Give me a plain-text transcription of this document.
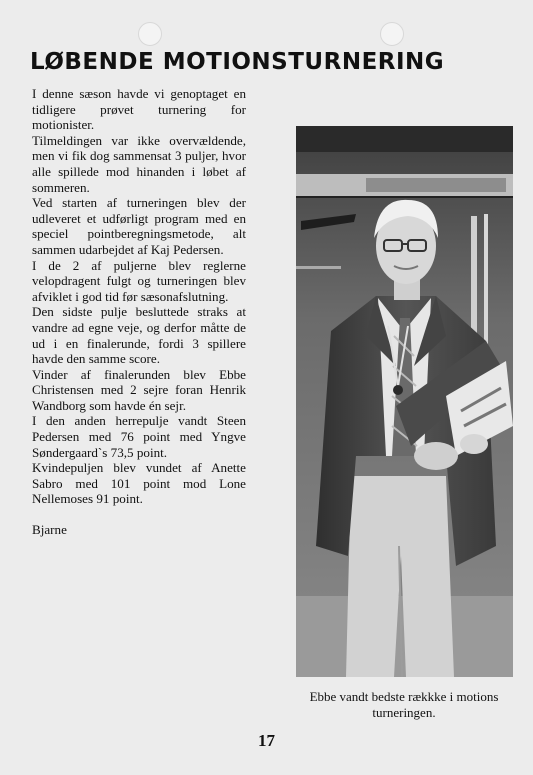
LØBENDE MOTIONSTURNERING

I denne sæson havde vi genoptaget en tidligere prøvet turnering for motionister.

Tilmeldingen var ikke overvældende, men vi fik dog sammensat 3 puljer, hvor alle spillede mod hinanden i løbet af sommeren.

Ved starten af turneringen blev der udleveret et udførligt program med en speciel pointberegningsmetode, alt sammen udarbejdet af Kaj Pedersen.

I de 2 af puljerne blev reglerne velopdragent fulgt og turneringen blev afviklet i god tid før sæsonafslutning.

Den sidste pulje besluttede straks at vandre ad egne veje, og derfor måtte de ud i en finalerunde, fordi 3 spillere havde den samme score.

Vinder af finalerunden blev Ebbe Christensen med 2 sejre foran Henrik Wandborg som havde én sejr.

I den anden herrepulje vandt Steen Pedersen med 76 point med Yngve Søndergaard`s 73,5 point.

Kvindepuljen blev vundet af Anette Sabro med 101 point mod Lone Nellemoses 91 point.

Bjarne

Ebbe vandt bedste rækkke i motions turneringen.
17
